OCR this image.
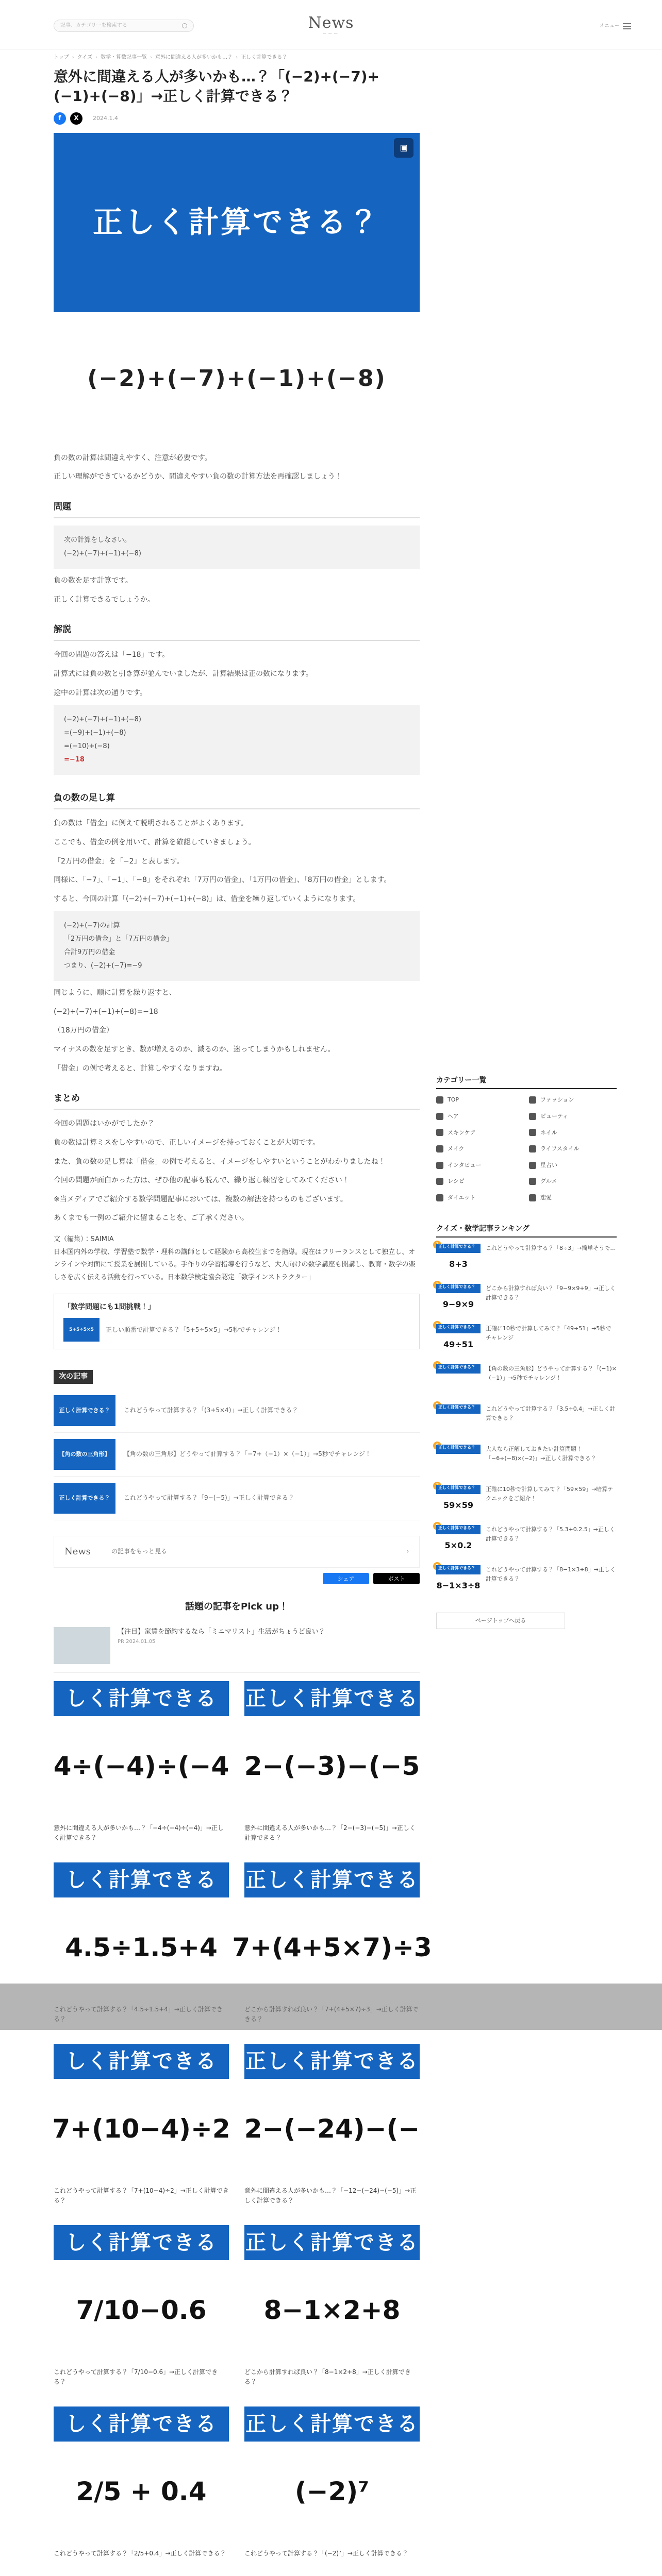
記事、カテゴリーを検索する	News
ーーー
メニュー
トップ › クイズ › 数学・算数記事一覧 › 意外に間違える人が多いかも…？ › 正しく計算できる？
意外に間違える人が多いかも…？「(−2)+(−7)+(−1)+(−8)」→正しく計算できる？
f	X	2024.1.4
正しく計算できる？
▣
(−2)+(−7)+(−1)+(−8)

負の数の計算は間違えやすく、注意が必要です。

正しい理解ができているかどうか、間違えやすい負の数の計算方法を再確認しましょう！

問題
次の計算をしなさい。
(−2)+(−7)+(−1)+(−8)

負の数を足す計算です。

正しく計算できるでしょうか。

解説

今回の問題の答えは「−18」です。

計算式には負の数と引き算が並んでいましたが、計算結果は正の数になります。

途中の計算は次の通りです。

(−2)+(−7)+(−1)+(−8)
=(−9)+(−1)+(−8)
=(−10)+(−8)
=−18
負の数の足し算

負の数は「借金」に例えて説明されることがよくあります。

ここでも、借金の例を用いて、計算を確認していきましょう。

「2万円の借金」を「−2」と表します。

同様に、「−7」、「−1」、「−8」をそれぞれ「7万円の借金」、「1万円の借金」、「8万円の借金」とします。

すると、今回の計算「(−2)+(−7)+(−1)+(−8)」は、借金を繰り返していくようになります。

(−2)+(−7)の計算
「2万円の借金」と「7万円の借金」
合計9万円の借金
つまり、(−2)+(−7)=−9

同じように、順に計算を繰り返すと、

(−2)+(−7)+(−1)+(−8)=−18

（18万円の借金）

マイナスの数を足すとき、数が増えるのか、減るのか、迷ってしまうかもしれません。

「借金」の例で考えると、計算しやすくなりますね。

まとめ

今回の問題はいかがでしたか？

負の数は計算ミスをしやすいので、正しいイメージを持っておくことが大切です。

また、負の数の足し算は「借金」の例で考えると、イメージをしやすいということがわかりましたね！

今回の問題が面白かった方は、ぜひ他の記事も読んで、繰り返し練習をしてみてください！

※当メディアでご紹介する数学問題記事においては、複数の解法を持つものもございます。

あくまでも一例のご紹介に留まることを、ご了承ください。

文（編集）：SAIMIA
日本国内外の学校、学習塾で数学・理科の講師として経験から高校生までを指導。現在はフリーランスとして独立し、オンラインや対面にて授業を展開している。手作りの学習指導を行うなど、大人向けの数学講座も開講し、教育・数学の楽しさを広く伝える活動を行っている。日本数学検定協会認定「数学インストラクター」
「数学問題にも1問挑戦！」
5+5÷5×5	正しい順番で計算できる？「5+5÷5×5」→5秒でチャレンジ！
次の記事
正しく計算できる？	これどうやって計算する？「(3+5×4)」→正しく計算できる？
【角の数の三角形】	【角の数の三角形】どうやって計算する？「−7+（−1）×（−1）」→5秒でチャレンジ！
正しく計算できる？	これどうやって計算する？「9−(−5)」→正しく計算できる？
News	の記事をもっと見る	›
シェア	ポスト
話題の記事をPick up！
【注目】家賃を節約するなら「ミニマリスト」生活がちょうど良い？
PR 2024.01.05
しく計算できる
4÷(−4)÷(−4
意外に間違える人が多いかも…？「−4÷(−4)÷(−4)」→正しく計算できる？
正しく計算できる
2−(−3)−(−5
意外に間違える人が多いかも…？「2−(−3)−(−5)」→正しく計算できる？
しく計算できる
4.5÷1.5+4
正しく計算できる
7+(4+5×7)÷3
しく計算できる
7+(10−4)÷2
これどうやって計算する？「7+(10−4)÷2」→正しく計算できる？
正しく計算できる
2−(−24)−(−
意外に間違える人が多いかも…？「−12−(−24)−(−5)」→正しく計算できる？
しく計算できる
7/10−0.6
これどうやって計算する？「7/10−0.6」→正しく計算できる？
正しく計算できる
8−1×2+8
どこから計算すれば良い？「8−1×2+8」→正しく計算できる？
しく計算できる
2/5 + 0.4
これどうやって計算する？「2/5+0.4」→正しく計算できる？
正しく計算できる
(−2)⁷
これどうやって計算する？「(−2)⁷」→正しく計算できる？
カテゴリー一覧
TOP	ファッション
ヘア	ビューティ
スキンケア	ネイル
メイク	ライフスタイル
インタビュー	星占い
レシピ	グルメ
ダイエット	恋愛
クイズ・数学記事ランキング
正しく計算できる？
8+3
これどうやって計算する？「8÷3」→簡単そうで…
正しく計算できる？
9−9×9
どこから計算すれば良い？「9−9×9+9」→正しく計算できる？
正しく計算できる？
49÷51
正確に10秒で計算してみて？「49÷51」→5秒でチャレンジ
正しく計算できる？	【角の数の三角形】どうやって計算する？「(−1)×（−1）」→5秒でチャレンジ！
正しく計算できる？	これどうやって計算する？「3.5÷0.4」→正しく計算できる？
正しく計算できる？	大人なら正解しておきたい計算問題！「−6÷(−8)×(−2)」→正しく計算できる？
正しく計算できる？
59×59
正確に10秒で計算してみて？「59×59」→暗算テクニックをご紹介！
正しく計算できる？
5×0.2
これどうやって計算する？「5.3+0.2.5」→正しく計算できる？
正しく計算できる？
8−1×3÷8
これどうやって計算する？「8−1×3÷8」→正しく計算できる？
ページトップへ戻る
